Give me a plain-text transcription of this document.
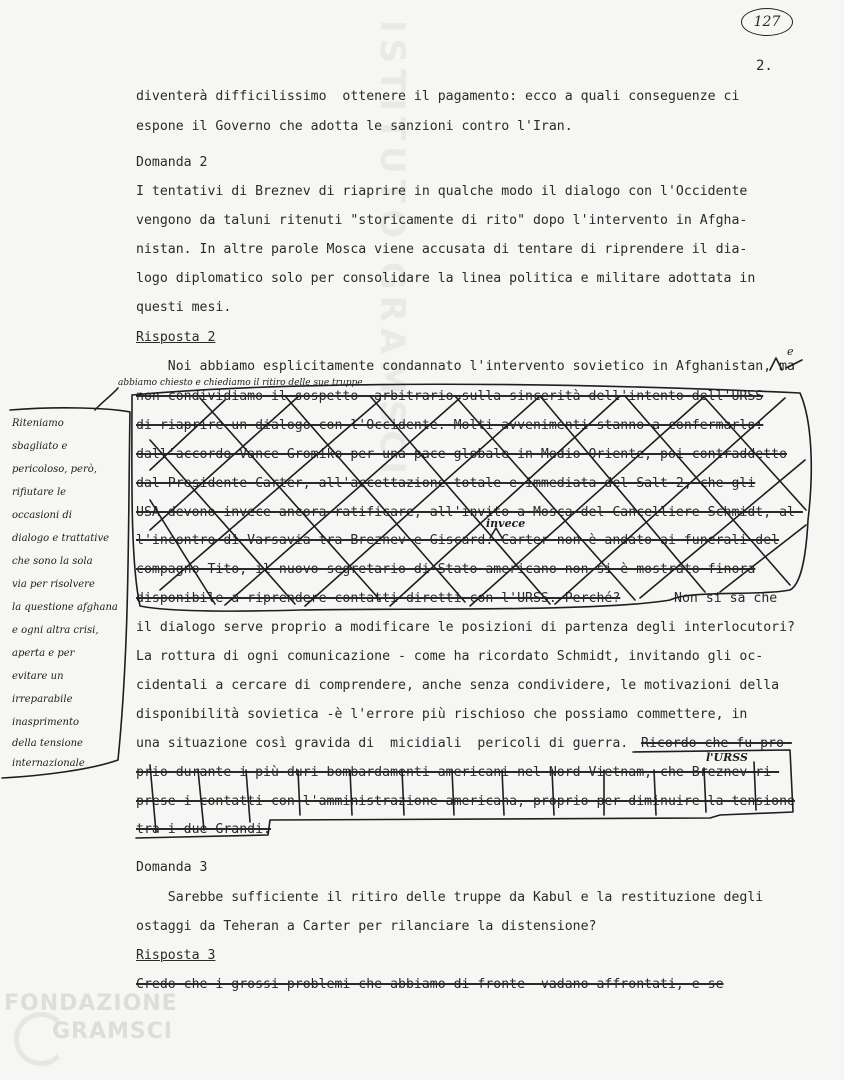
ISTITUTO GRAMSCI	127
2.
diventerà difficilissimo  ottenere il pagamento: ecco a quali conseguenze ci
espone il Governo che adotta le sanzioni contro l'Iran.
Domanda 2
I tentativi di Breznev di riaprire in qualche modo il dialogo con l'Occidente
vengono da taluni ritenuti "storicamente di rito" dopo l'intervento in Afgha-
nistan. In altre parole Mosca viene accusata di tentare di riprendere il dia-
logo diplomatico solo per consolidare la linea politica e militare adottata in
questi mesi.
Risposta 2
Noi abbiamo esplicitamente condannato l'intervento sovietico in Afghanistan, ma
non condividiamo il sospetto  arbitrario sulla sincerità dell'intento dell'URSS
di riaprire un dialogo con l'Occidente. Molti avvenimenti stanno a confermarlo:
dall'accordo Vance-Gromiko per una pace globale in Medio Oriente, poi contraddetto
dal Presidente Carter, all'accettazione totale e immediata del Salt 2, che gli
USA devono invece ancora ratificare, all'invito a Mosca del Cancelliere Schmidt, al-
l'incontro di Varsavia tra Breznev e Giscard. Carter non è andato ai funerali del
compagno Tito, il nuovo segretario di Stato americano non si è mostrato finora
disponibile a riprendere contatti diretti con l'URSS. Perché?	Non si sa che
il dialogo serve proprio a modificare le posizioni di partenza degli interlocutori?
La rottura di ogni comunicazione - come ha ricordato Schmidt, invitando gli oc-
cidentali a cercare di comprendere, anche senza condividere, le motivazioni della
disponibilità sovietica -è l'errore più rischioso che possiamo commettere, in
una situazione così gravida di  micidiali  pericoli di guerra. Ricordo che fu pro-
prio durante i più duri bombardamenti americani nel Nord-Vietnam, che Breznev ri-
prese i contatti con l'amministrazione americana, proprio per diminuire la tensione
tra i due Grandi.
Domanda 3
Sarebbe sufficiente il ritiro delle truppe da Kabul e la restituzione degli
ostaggi da Teheran a Carter per rilanciare la distensione?
Risposta 3
Credo che i grossi problemi che abbiamo di fronte  vadano affrontati, e se
abbiamo chiesto e chiediamo il ritiro delle sue truppe
e
invece
l'URSS
Riteniamo
sbagliato e
pericoloso, però,
rifiutare le
occasioni di
dialogo e trattative
che sono la sola
via per risolvere
la questione afghana
e ogni altra crisi,
aperta e per
evitare un
irreparabile
inasprimento
della tensione
internazionale
FONDAZIONE
GRAMSCI
